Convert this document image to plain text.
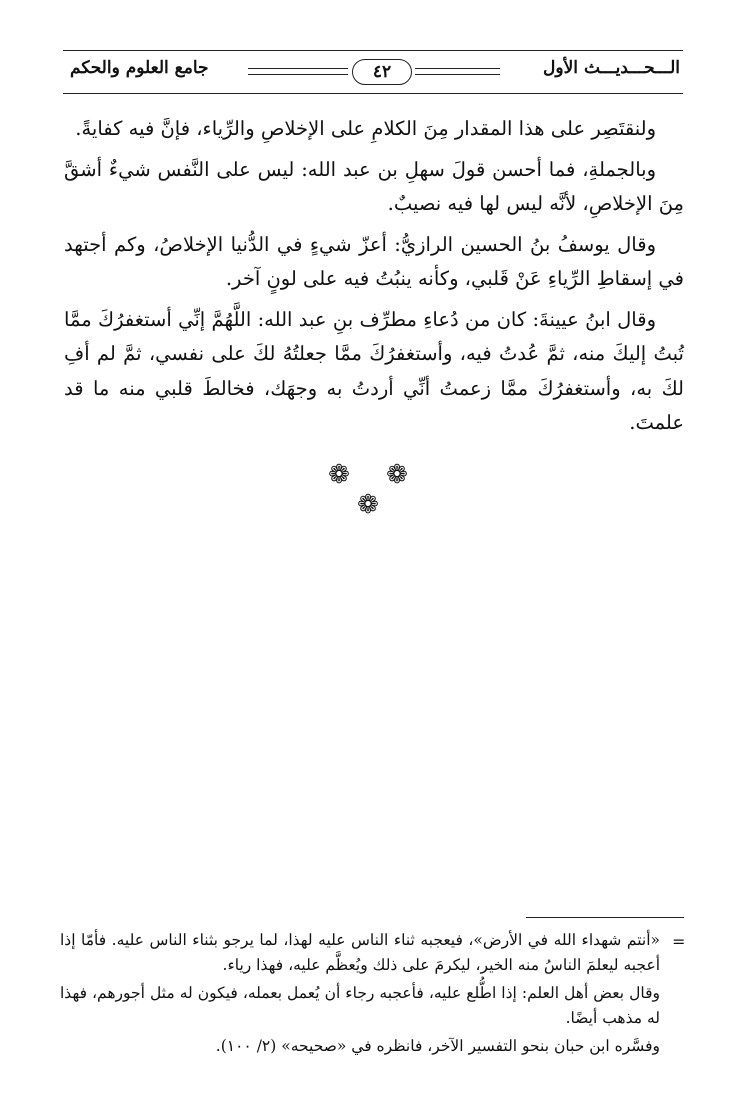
الـــحـــديـــث الأول
٤٢
جامع العلوم والحكم

ولنقتَصِر على هذا المقدار مِنَ الكلامِ على الإخلاصِ والرِّياء، فإنَّ فيه كفايةً.

وبالجملةِ، فما أحسن قولَ سهلِ بن عبد الله: ليس على النَّفس شيءٌ أشقَّ مِنَ الإخلاصِ، لأنَّه ليس لها فيه نصيبٌ.

وقال يوسفُ بنُ الحسين الرازيُّ: أعزّ شيءٍ في الدُّنيا الإخلاصُ، وكم أجتهد في إسقاطِ الرِّياءِ عَنْ قَلبي، وكأنه ينبُتُ فيه على لونٍ آخر.

وقال ابنُ عيينةَ: كان من دُعاءِ مطرِّف بنِ عبد الله: اللَّهُمَّ إنِّي أستغفرُكَ ممَّا تُبتُ إليكَ منه، ثمَّ عُدتُ فيه، وأستغفرُكَ ممَّا جعلتُهُ لكَ على نفسي، ثمَّ لم أفِ لكَ به، وأستغفرُكَ ممَّا زعمتُ أنِّي أردتُ به وجهَك، فخالطَ قلبي منه ما قد علمتَ.

❁ ❁ ❁
=

«أنتم شهداء الله في الأرض»، فيعجبه ثناء الناس عليه لهذا، لما يرجو بثناء الناس عليه. فأمّا إذا أعجبه ليعلمَ الناسُ منه الخير، ليكرمَ على ذلك ويُعظَّم عليه، فهذا رياء.

وقال بعض أهل العلم: إذا اطُّلع عليه، فأعجبه رجاء أن يُعمل بعمله، فيكون له مثل أجورهم، فهذا له مذهب أيضًا.

وفسَّره ابن حبان بنحو التفسير الآخر، فانظره في «صحيحه» (٢/ ١٠٠).
